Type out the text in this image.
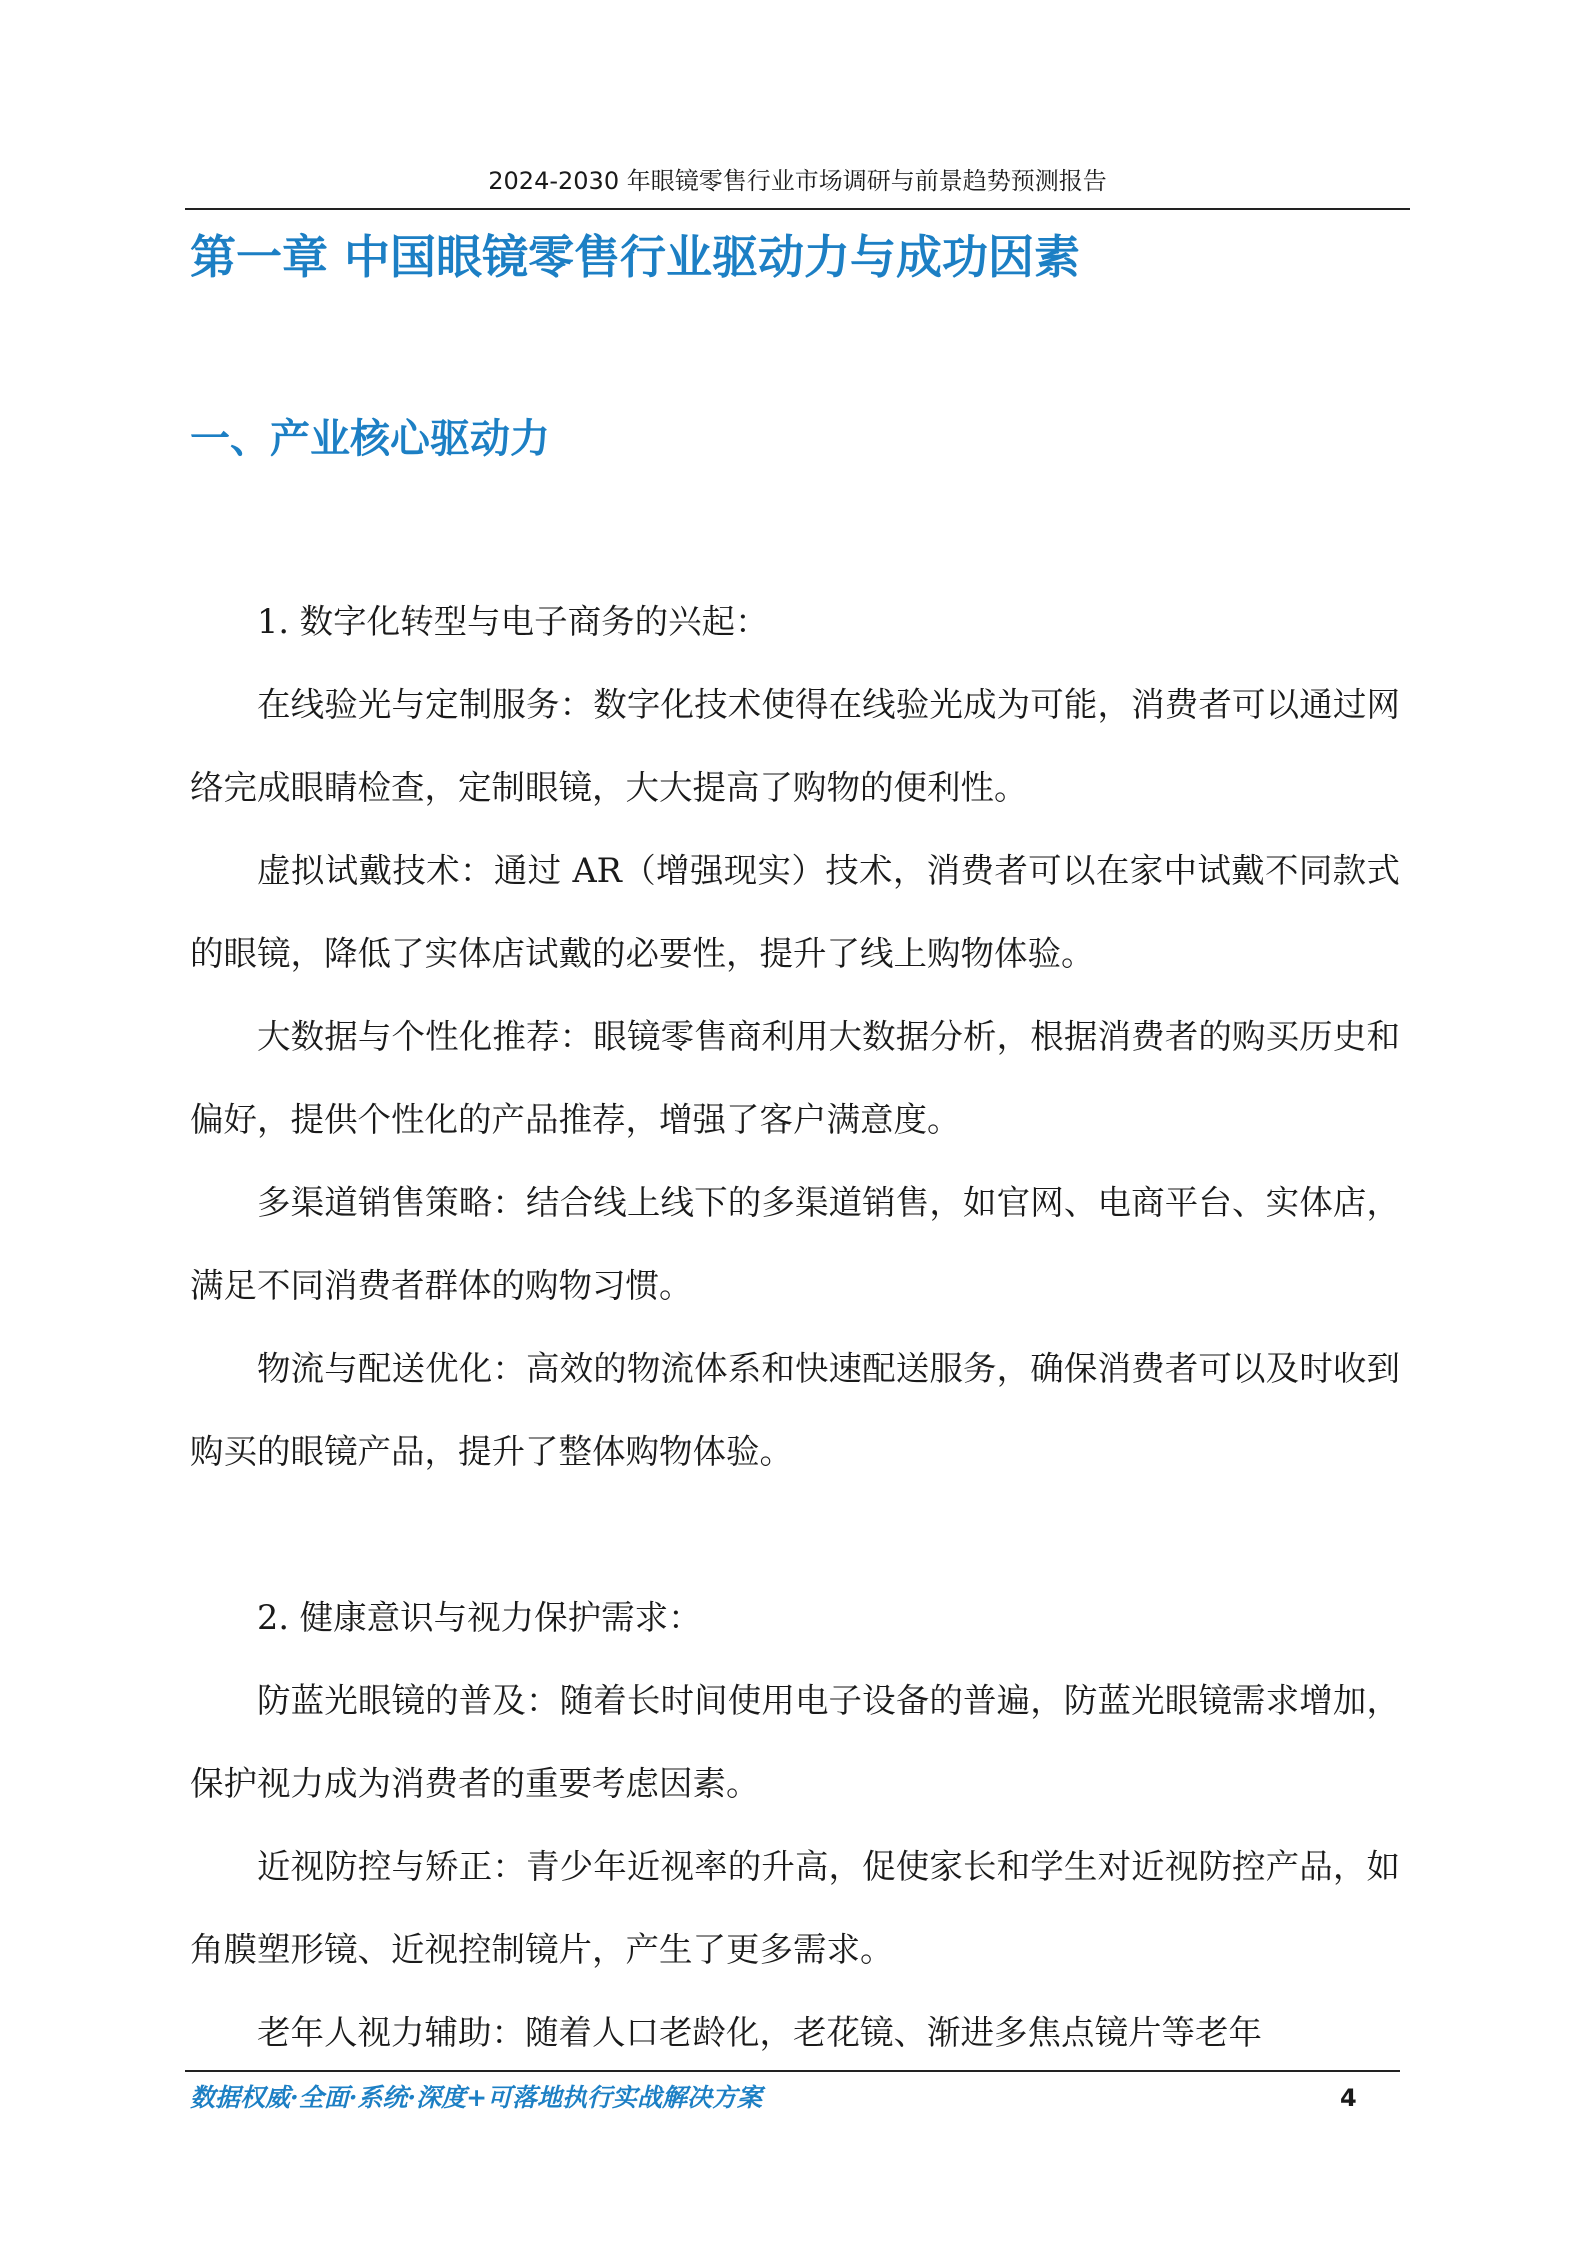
2024-2030 年眼镜零售行业市场调研与前景趋势预测报告
第一章 中国眼镜零售行业驱动力与成功因素
一、产业核心驱动力

1. 数字化转型与电子商务的兴起：

在线验光与定制服务：数字化技术使得在线验光成为可能，消费者可以通过网络完成眼睛检查，定制眼镜，大大提高了购物的便利性。

虚拟试戴技术：通过 AR（增强现实）技术，消费者可以在家中试戴不同款式的眼镜，降低了实体店试戴的必要性，提升了线上购物体验。

大数据与个性化推荐：眼镜零售商利用大数据分析，根据消费者的购买历史和偏好，提供个性化的产品推荐，增强了客户满意度。

多渠道销售策略：结合线上线下的多渠道销售，如官网、电商平台、实体店，满足不同消费者群体的购物习惯。

物流与配送优化：高效的物流体系和快速配送服务，确保消费者可以及时收到购买的眼镜产品，提升了整体购物体验。

2. 健康意识与视力保护需求：

防蓝光眼镜的普及：随着长时间使用电子设备的普遍，防蓝光眼镜需求增加，保护视力成为消费者的重要考虑因素。

近视防控与矫正：青少年近视率的升高，促使家长和学生对近视防控产品，如角膜塑形镜、近视控制镜片，产生了更多需求。

老年人视力辅助：随着人口老龄化，老花镜、渐进多焦点镜片等老年

数据权威·全面·系统·深度+可落地执行实战解决方案	4
